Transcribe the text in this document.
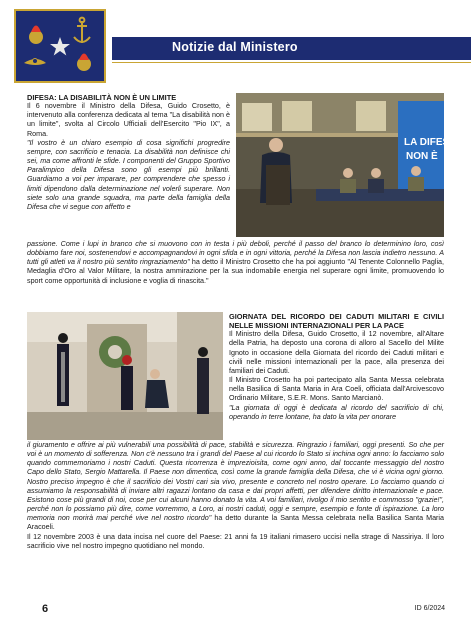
Notizie dal Ministero
DIFESA: LA DISABILITÀ NON È UN LIMITE
Il 6 novembre il Ministro della Difesa, Guido Crosetto, è intervenuto alla conferenza dedicata al tema "La disabilità non è un limite", svolta al Circolo Ufficiali dell'Esercito "Pio IX", a Roma.
"Il vostro è un chiaro esempio di cosa significhi progredire sempre, con sacrificio e tenacia. La disabilità non definisce chi sei, ma come affronti le sfide. I componenti del Gruppo Sportivo Paralimpico della Difesa sono gli esempi più brillanti. Guardiamo a voi per imparare, per comprendere che spesso i limiti dipendono dalla determinazione nel volerli superare. Non siete solo una grande squadra, ma parte della famiglia della Difesa che vi segue con affetto e
LA DIFESA
NON È
passione. Come i lupi in branco che si muovono con in testa i più deboli, perché il passo del branco lo determinino loro, così dobbiamo fare noi, sostenendovi e accompagnandovi in ogni sfida e in ogni vittoria, perché la Difesa non lascia indietro nessuno. A tutti gli atleti va il nostro più sentito ringraziamento" ha detto il Ministro Crosetto che ha poi aggiunto "Al Tenente Colonnello Paglia, Medaglia d'Oro al Valor Militare, la nostra ammirazione per la sua indomabile energia nel superare ogni limite, promuovendo lo sport come opportunità di inclusione e voglia di rinascita."
GIORNATA DEL RICORDO DEI CADUTI MILITARI E CIVILI NELLE MISSIONI INTERNAZIONALI PER LA PACE
Il Ministro della Difesa, Guido Crosetto, il 12 novembre, all'Altare della Patria, ha deposto una corona di alloro al Sacello del Milite Ignoto in occasione della Giornata del ricordo dei Caduti militari e civili nelle missioni internazionali per la pace, alla presenza dei familiari dei Caduti.
Il Ministro Crosetto ha poi partecipato alla Santa Messa celebrata nella Basilica di Santa Maria in Ara Coeli, officiata dall'Arcivescovo Ordinario Militare, S.E.R. Mons. Santo Marcianò.
"La giornata di oggi è dedicata al ricordo del sacrificio di chi, operando in terre lontane, ha dato la vita per onorare
il giuramento e offrire ai più vulnerabili una possibilità di pace, stabilità e sicurezza. Ringrazio i familiari, oggi presenti. So che per voi è un momento di sofferenza. Non c'è nessuno tra i grandi del Paese al cui ricordo lo Stato si inchina ogni anno: lo facciamo solo quando commemoriamo i nostri Caduti. Questa ricorrenza è imprezioisita, come ogni anno, dal toccante messaggio del nostro Capo dello Stato, Sergio Mattarella. Il Paese non dimentica, così come la grande famiglia della Difesa, che vi è vicina ogni giorno. Nostro preciso impegno è che il sacrificio dei Vostri cari sia vivo, presente e concreto nel nostro operare. Lo facciamo quando ci assumiamo la responsabilità di inviare altri ragazzi lontano da casa e dai propri affetti, per difendere diritto internazionale e pace. Esistono cose più grandi di noi, cose per cui alcuni hanno donato la vita. A voi familiari, rivolgo il mio sentito e commosso "grazie!", perché non lo possiamo più dire, come vorremmo, a Loro, ai nostri caduti, oggi e sempre, esempio e fonte di ispirazione. La loro memoria non morirà mai perché vive nel nostro ricordo" ha detto durante la Santa Messa celebrata nella Basilica Santa Maria Aracoeli.
Il 12 novembre 2003 è una data incisa nel cuore del Paese: 21 anni fa 19 italiani rimasero uccisi nella strage di Nassiriya. Il loro sacrificio vive nel nostro impegno quotidiano nel mondo.
6	ID 6/2024
